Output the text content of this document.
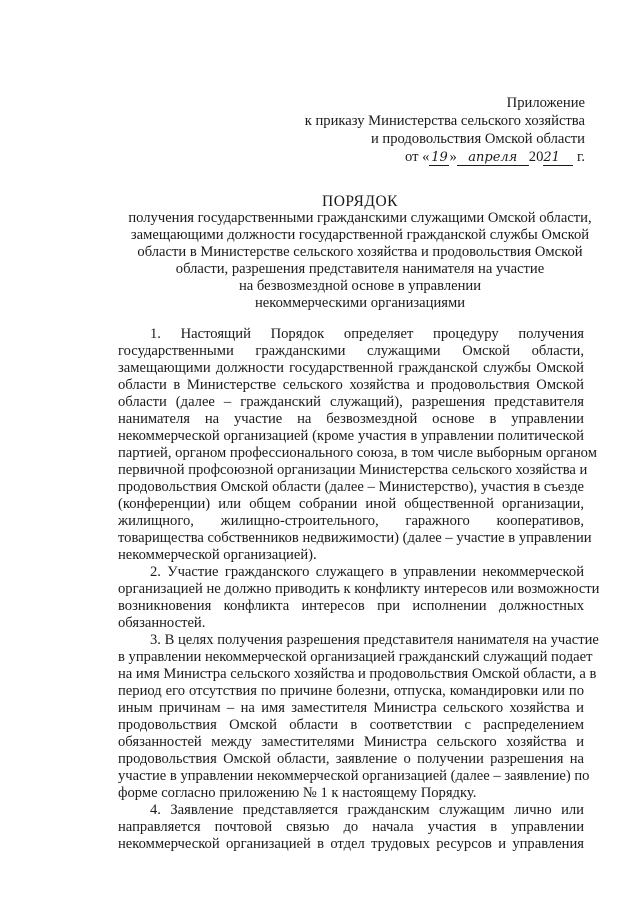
Приложение
к приказу Министерства сельского хозяйства
и продовольствия Омской области
от « 19 » апреля 2021 г.
ПОРЯДОК
получения государственными гражданскими служащими Омской области,
замещающими должности государственной гражданской службы Омской
области в Министерстве сельского хозяйства и продовольствия Омской
области, разрешения представителя нанимателя на участие
на безвозмездной основе в управлении
некоммерческими организациями
1. Настоящий Порядок определяет процедуру получения
государственными гражданскими служащими Омской области,
замещающими должности государственной гражданской службы Омской
области в Министерстве сельского хозяйства и продовольствия Омской
области (далее – гражданский служащий), разрешения представителя
нанимателя на участие на безвозмездной основе в управлении
некоммерческой организацией (кроме участия в управлении политической
партией, органом профессионального союза, в том числе выборным органом
первичной профсоюзной организации Министерства сельского хозяйства и
продовольствия Омской области (далее – Министерство), участия в съезде
(конференции) или общем собрании иной общественной организации,
жилищного, жилищно-строительного, гаражного кооперативов,
товарищества собственников недвижимости) (далее – участие в управлении
некоммерческой организацией).
2. Участие гражданского служащего в управлении некоммерческой
организацией не должно приводить к конфликту интересов или возможности
возникновения конфликта интересов при исполнении должностных
обязанностей.
3. В целях получения разрешения представителя нанимателя на участие
в управлении некоммерческой организацией гражданский служащий подает
на имя Министра сельского хозяйства и продовольствия Омской области, а в
период его отсутствия по причине болезни, отпуска, командировки или по
иным причинам – на имя заместителя Министра сельского хозяйства и
продовольствия Омской области в соответствии с распределением
обязанностей между заместителями Министра сельского хозяйства и
продовольствия Омской области, заявление о получении разрешения на
участие в управлении некоммерческой организацией (далее – заявление) по
форме согласно приложению № 1 к настоящему Порядку.
4. Заявление представляется гражданским служащим лично или
направляется почтовой связью до начала участия в управлении
некоммерческой организацией в отдел трудовых ресурсов и управления
